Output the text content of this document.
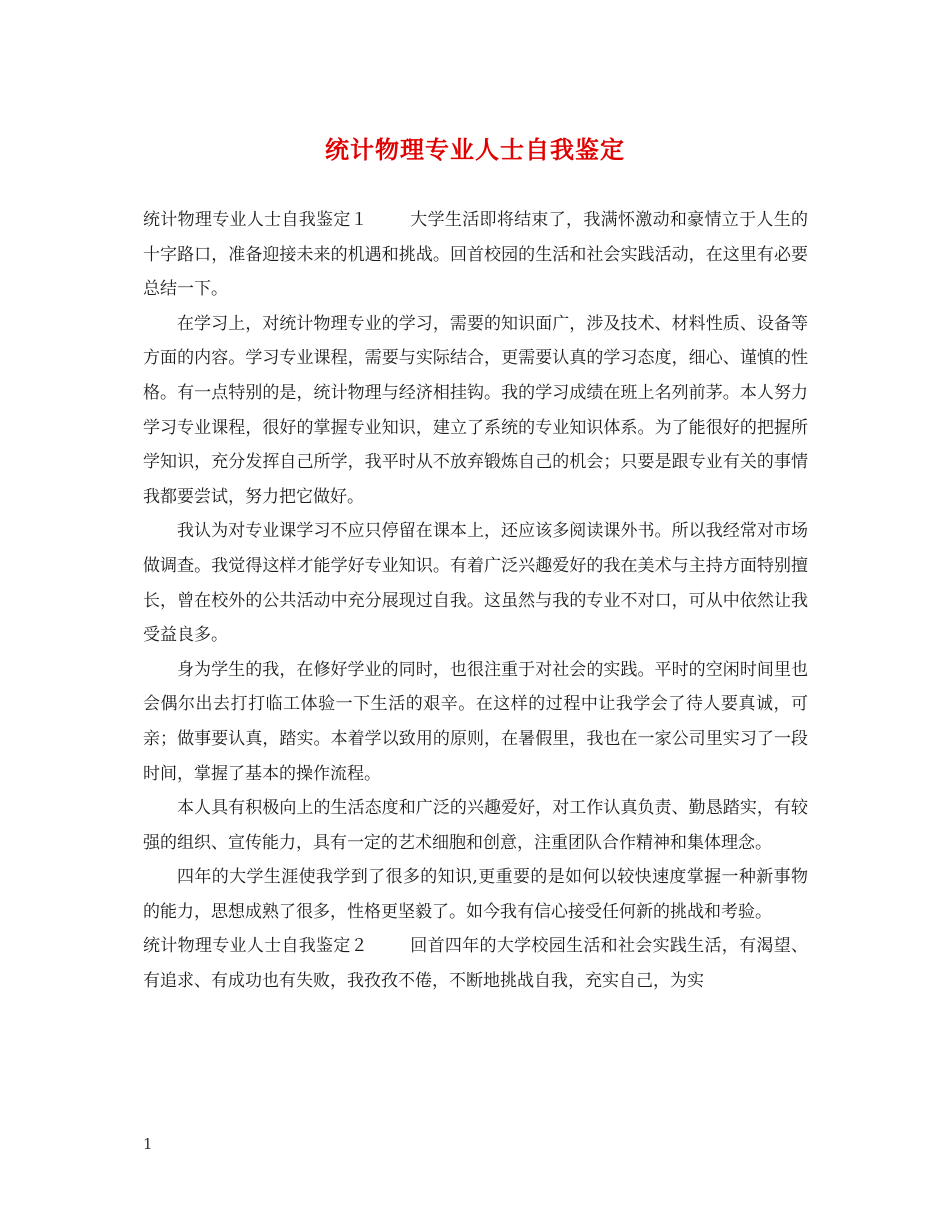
统计物理专业人士自我鉴定

统计物理专业人士自我鉴定１ 大学生活即将结束了，我满怀激动和豪情立于人生的十字路口，准备迎接未来的机遇和挑战。回首校园的生活和社会实践活动，在这里有必要总结一下。

在学习上，对统计物理专业的学习，需要的知识面广，涉及技术、材料性质、设备等方面的内容。学习专业课程，需要与实际结合，更需要认真的学习态度，细心、谨慎的性格。有一点特别的是，统计物理与经济相挂钩。我的学习成绩在班上名列前茅。本人努力学习专业课程，很好的掌握专业知识，建立了系统的专业知识体系。为了能很好的把握所学知识，充分发挥自己所学，我平时从不放弃锻炼自己的机会；只要是跟专业有关的事情我都要尝试，努力把它做好。

我认为对专业课学习不应只停留在课本上，还应该多阅读课外书。所以我经常对市场做调查。我觉得这样才能学好专业知识。有着广泛兴趣爱好的我在美术与主持方面特别擅长，曾在校外的公共活动中充分展现过自我。这虽然与我的专业不对口，可从中依然让我受益良多。

身为学生的我，在修好学业的同时，也很注重于对社会的实践。平时的空闲时间里也会偶尔出去打打临工体验一下生活的艰辛。在这样的过程中让我学会了待人要真诚，可亲；做事要认真，踏实。本着学以致用的原则，在暑假里，我也在一家公司里实习了一段时间，掌握了基本的操作流程。

本人具有积极向上的生活态度和广泛的兴趣爱好，对工作认真负责、勤恳踏实，有较强的组织、宣传能力，具有一定的艺术细胞和创意，注重团队合作精神和集体理念。

四年的大学生涯使我学到了很多的知识,更重要的是如何以较快速度掌握一种新事物的能力，思想成熟了很多，性格更坚毅了。如今我有信心接受任何新的挑战和考验。

统计物理专业人士自我鉴定２ 回首四年的大学校园生活和社会实践生活，有渴望、有追求、有成功也有失败，我孜孜不倦，不断地挑战自我，充实自己，为实

1
